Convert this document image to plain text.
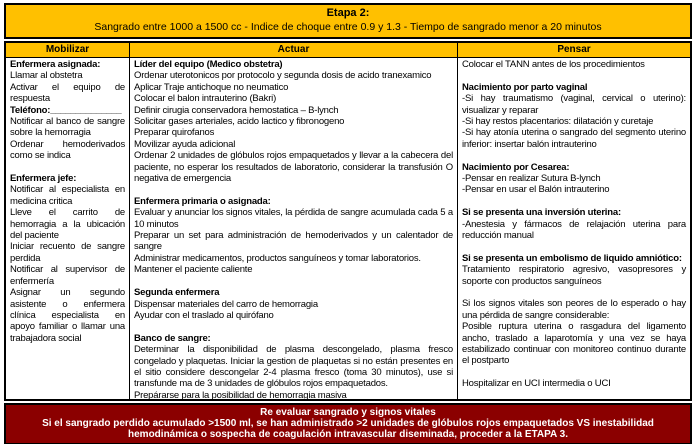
Etapa 2:
Sangrado entre 1000 a 1500 cc - Indice de choque entre 0.9 y 1.3 - Tiempo de sangrado menor a 20 minutos
Mobilizar	Actuar	Pensar
Enfermera asignada:
Llamar al obstetra
Activar el equipo de respuesta
Teléfono:______________
Notificar al banco de sangre sobre la hemorragia
Ordenar hemoderivados como se indica
Enfermera jefe:
Notificar al especialista en medicina critica
Lleve el carrito de hemorragia a la ubicación del paciente
Iniciar recuento de sangre perdida
Notificar al supervisor de enfermería
Asignar un segundo asistente o enfermera clínica especialista en apoyo familiar o llamar una trabajadora social
Líder del equipo (Medico obstetra)
Ordenar uterotonicos por protocolo y segunda dosis de acido tranexamico
Aplicar Traje antichoque no neumatico
Colocar el balon intrauterino (Bakri)
Definir cirugia conservadora hemostatica – B-lynch
Solicitar gases arteriales, acido lactico y fibronogeno
Preparar quirofanos
Movilizar ayuda adicional
Ordenar 2 unidades de glóbulos rojos empaquetados y llevar a la cabecera del paciente, no esperar los resultados de laboratorio, considerar la transfusión O negativa de emergencia
Enfermera primaria o asignada:
Evaluar y anunciar los signos vitales, la pérdida de sangre acumulada cada 5 a 10 minutos
Preparar un set para administración de hemoderivados y un calentador de sangre
Administrar medicamentos, productos sanguíneos y tomar laboratorios.
Mantener el paciente caliente
Segunda enfermera
Dispensar materiales del carro de hemorragia
Ayudar con el traslado al quirófano
Banco de sangre:
Determinar la disponibilidad de plasma descongelado, plasma fresco congelado y plaquetas. Iniciar la gestion de plaquetas si no están presentes en el sitio considere descongelar 2-4 plasma fresco (toma 30 minutos), use si transfunde ma de 3 unidades de glóbulos rojos empaquetados.
Prepárarse para la posibilidad de hemorragia masiva
Colocar el TANN antes de los procedimientos
Nacimiento por parto vaginal
-Si hay traumatismo (vaginal, cervical o uterino): visualizar y reparar
-Si hay restos placentarios: dilatación y curetaje
-Si hay atonía uterina o sangrado del segmento uterino inferior: insertar balón intrauterino
Nacimiento por Cesarea:
-Pensar en realizar Sutura B-lynch
-Pensar en usar el Balón intrauterino
Si se presenta una inversión uterina:
-Anestesia y fármacos de relajación uterina para reducción manual
Si se presenta un embolismo de liquido amniótico:
Tratamiento respiratorio agresivo, vasopresores y soporte con productos sanguíneos
Si los signos vitales son peores de lo esperado o hay una pérdida de sangre considerable:
Posible ruptura uterina o rasgadura del ligamento ancho, traslado a laparotomía y una vez se haya estabilizado continuar con monitoreo continuo durante el postparto
Hospitalizar en UCI intermedia o UCI
Re evaluar sangrado y signos vitales
Si el sangrado perdido acumulado >1500 ml, se han administrado >2 unidades de glóbulos rojos empaquetados VS inestabilidad hemodinámica o sospecha de coagulación intravascular diseminada, proceder a la ETAPA 3.
